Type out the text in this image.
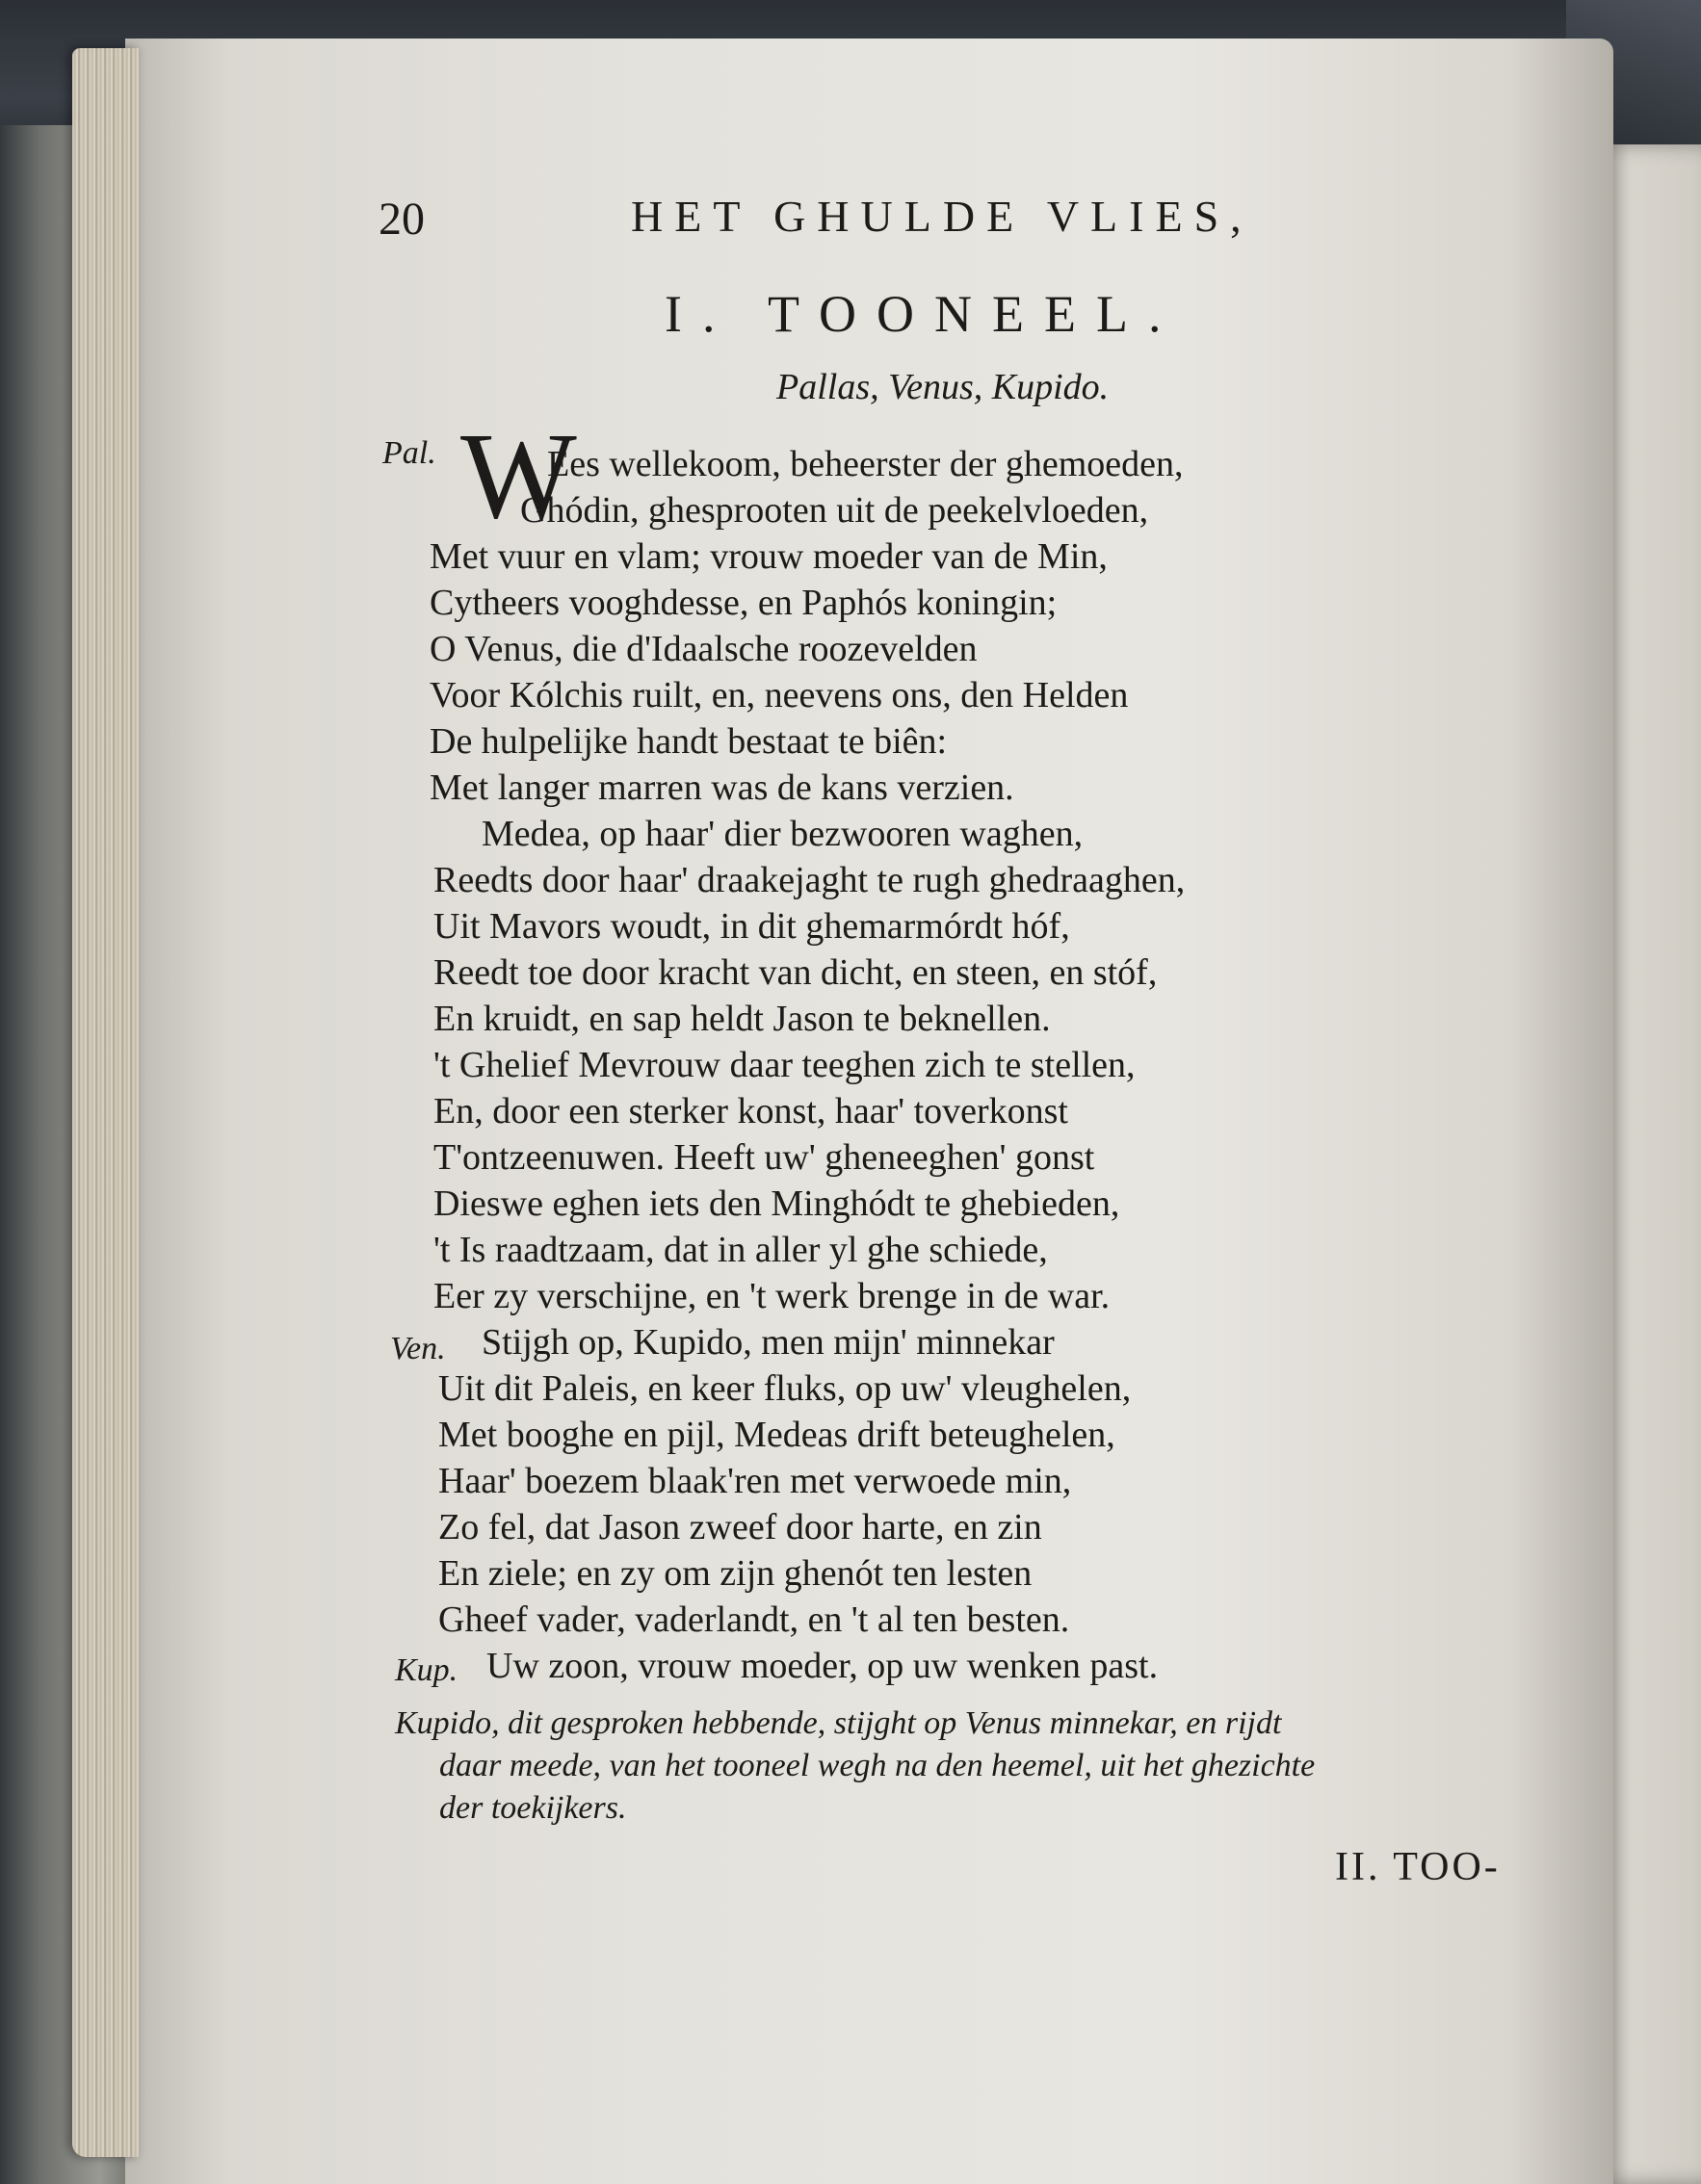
20	HET GHULDE VLIES,
I. TOONEEL.
Pallas, Venus, Kupido.
Pal. W
Ees wellekoom, beheerster der ghemoeden,
Ghódin, ghesprooten uit de peekelvloeden,
Met vuur en vlam; vrouw moeder van de Min,
Cytheers vooghdesse, en Paphós koningin;
O Venus, die d'Idaalsche roozevelden
Voor Kólchis ruilt, en, neevens ons, den Helden
De hulpelijke handt bestaat te biên:
Met langer marren was de kans verzien.
Medea, op haar' dier bezwooren waghen,
Reedts door haar' draakejaght te rugh ghedraaghen,
Uit Mavors woudt, in dit ghemarmórdt hóf,
Reedt toe door kracht van dicht, en steen, en stóf,
En kruidt, en sap heldt Jason te beknellen.
't Ghelief Mevrouw daar teeghen zich te stellen,
En, door een sterker konst, haar' toverkonst
T'ontzeenuwen. Heeft uw' gheneeghen' gonst
Dieswe eghen iets den Minghódt te ghebieden,
't Is raadtzaam, dat in aller yl ghe schiede,
Eer zy verschijne, en 't werk brenge in de war.
Ven. Stijgh op, Kupido, men mijn' minnekar
Uit dit Paleis, en keer fluks, op uw' vleughelen,
Met booghe en pijl, Medeas drift beteughelen,
Haar' boezem blaak'ren met verwoede min,
Zo fel, dat Jason zweef door harte, en zin
En ziele; en zy om zijn ghenót ten lesten
Gheef vader, vaderlandt, en 't al ten besten.
Kup. Uw zoon, vrouw moeder, op uw wenken past.
Kupido, dit gesproken hebbende, stijght op Venus minnekar, en rijdt
daar meede, van het tooneel wegh na den heemel, uit het ghezichte
der toekijkers.
II. TOO-
